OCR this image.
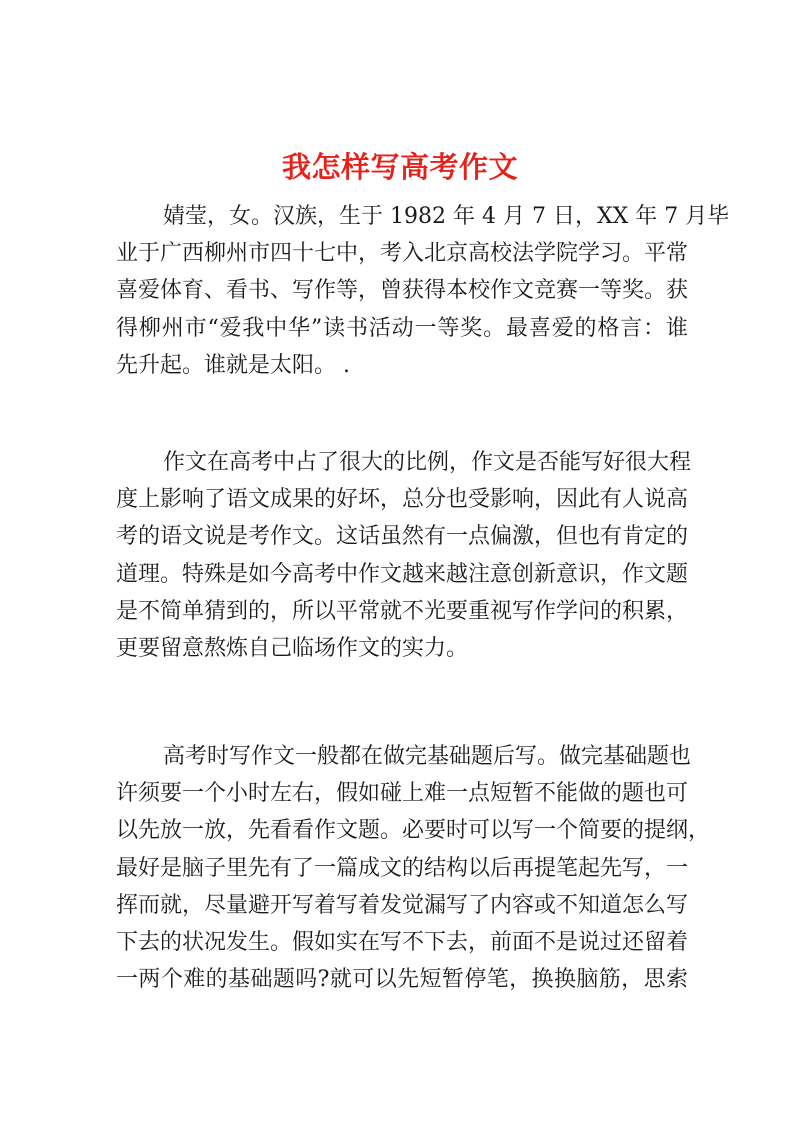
我怎样写高考作文

婧莹，女。汉族，生于 1982 年 4 月 7 日，XX 年 7 月毕
业于广西柳州市四十七中，考入北京高校法学院学习。平常
喜爱体育、看书、写作等，曾获得本校作文竞赛一等奖。获
得柳州市“爱我中华”读书活动一等奖。最喜爱的格言：谁
先升起。谁就是太阳。 .

作文在高考中占了很大的比例，作文是否能写好很大程
度上影响了语文成果的好坏，总分也受影响，因此有人说高
考的语文说是考作文。这话虽然有一点偏激，但也有肯定的
道理。特殊是如今高考中作文越来越注意创新意识，作文题
是不简单猜到的，所以平常就不光要重视写作学问的积累，
更要留意熬炼自己临场作文的实力。

高考时写作文一般都在做完基础题后写。做完基础题也
许须要一个小时左右，假如碰上难一点短暂不能做的题也可
以先放一放，先看看作文题。必要时可以写一个简要的提纲，
最好是脑子里先有了一篇成文的结构以后再提笔起先写，一
挥而就，尽量避开写着写着发觉漏写了内容或不知道怎么写
下去的状况发生。假如实在写不下去，前面不是说过还留着
一两个难的基础题吗?就可以先短暂停笔，换换脑筋，思索
